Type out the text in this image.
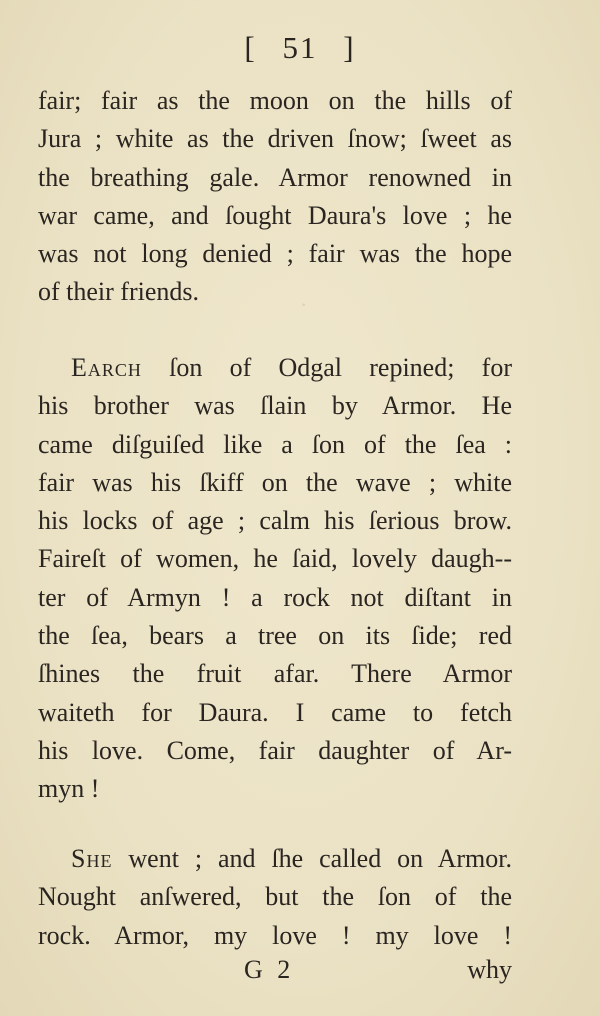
[ 51 ]
·
fair; fair as the moon on the hills of
Jura ; white as the driven ſnow; ſweet as
the breathing gale. Armor renowned in
war came, and ſought Daura's love ; he
was not long denied ; fair was the hope
of their friends.
Earch ſon of Odgal repined; for
his brother was ſlain by Armor. He
came diſguiſed like a ſon of the ſea :
fair was his ſkiff on the wave ; white
his locks of age ; calm his ſerious brow.
Faireſt of women, he ſaid, lovely daugh--
ter of Armyn ! a rock not diſtant in
the ſea, bears a tree on its ſide; red
ſhines the fruit afar. There Armor
waiteth for Daura. I came to fetch
his love. Come, fair daughter of Ar-
myn !
She went ; and ſhe called on Armor.
Nought anſwered, but the ſon of the
rock. Armor, my love ! my love !
G 2	why
